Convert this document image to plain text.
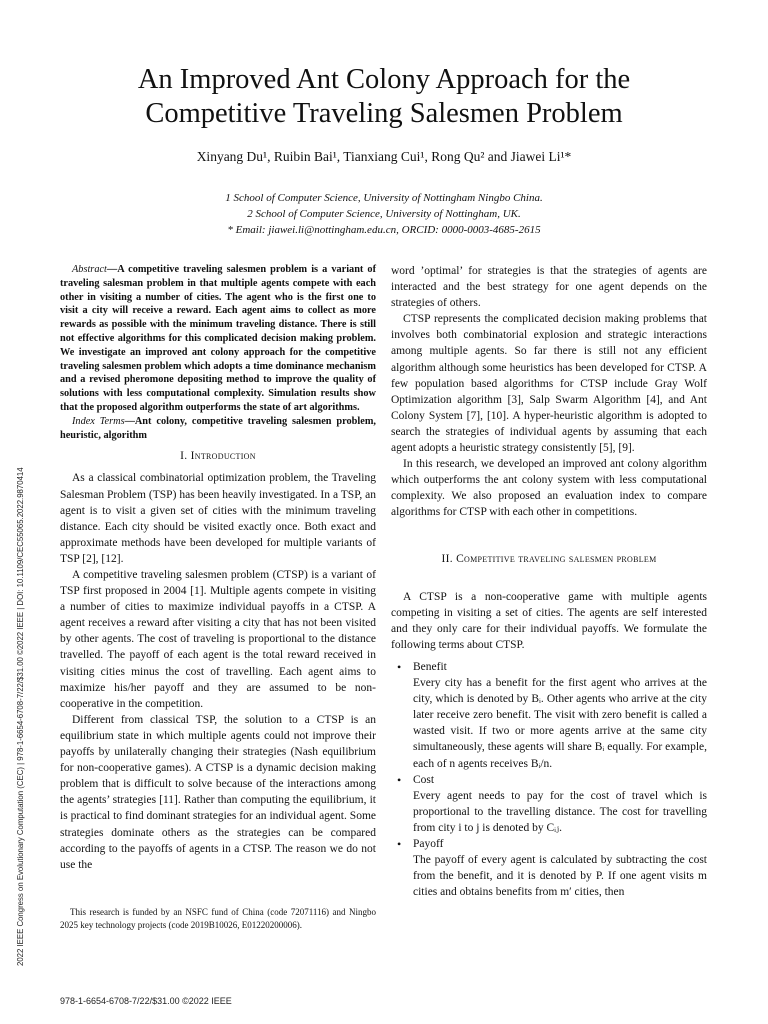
2022 IEEE Congress on Evolutionary Computation (CEC) | 978-1-6654-6708-7/22/$31.00 ©2022 IEEE | DOI: 10.1109/CEC55065.2022.9870414
An Improved Ant Colony Approach for the
Competitive Traveling Salesmen Problem
Xinyang Du¹, Ruibin Bai¹, Tianxiang Cui¹, Rong Qu² and Jiawei Li¹*
1 School of Computer Science, University of Nottingham Ningbo China.
2 School of Computer Science, University of Nottingham, UK.
* Email: jiawei.li@nottingham.edu.cn, ORCID: 0000-0003-4685-2615

Abstract—A competitive traveling salesmen problem is a variant of traveling salesman problem in that multiple agents compete with each other in visiting a number of cities. The agent who is the first one to visit a city will receive a reward. Each agent aims to collect as more rewards as possible with the minimum traveling distance. There is still not effective algorithms for this complicated decision making problem. We investigate an improved ant colony approach for the competitive traveling salesmen problem which adopts a time dominance mechanism and a revised pheromone depositing method to improve the quality of solutions with less computational complexity. Simulation results show that the proposed algorithm outperforms the state of art algorithms.

Index Terms—Ant colony, competitive traveling salesmen problem, heuristic, algorithm

I. Introduction

As a classical combinatorial optimization problem, the Traveling Salesman Problem (TSP) has been heavily investigated. In a TSP, an agent is to visit a given set of cities with the minimum traveling distance. Each city should be visited exactly once. Both exact and approximate methods have been developed for multiple variants of TSP [2], [12].

A competitive traveling salesmen problem (CTSP) is a variant of TSP first proposed in 2004 [1]. Multiple agents compete in visiting a number of cities to maximize individual payoffs in a CTSP. A agent receives a reward after visiting a city that has not been visited by other agents. The cost of traveling is proportional to the distance travelled. The payoff of each agent is the total reward received in visiting cities minus the cost of travelling. Each agent aims to maximize his/her payoff and they are assumed to be non-cooperative in the competition.

Different from classical TSP, the solution to a CTSP is an equilibrium state in which multiple agents could not improve their payoffs by unilaterally changing their strategies (Nash equilibrium for non-cooperative games). A CTSP is a dynamic decision making problem that is difficult to solve because of the interactions among the agents’ strategies [11]. Rather than computing the equilibrium, it is practical to find dominant strategies for an individual agent. Some strategies dominate others as the strategies can be compared according to the payoffs of agents in a CTSP. The reason we do not use the

This research is funded by an NSFC fund of China (code 72071116) and Ningbo 2025 key technology projects (code 2019B10026, E01220200006).

word ’optimal’ for strategies is that the strategies of agents are interacted and the best strategy for one agent depends on the strategies of others.

CTSP represents the complicated decision making problems that involves both combinatorial explosion and strategic interactions among multiple agents. So far there is still not any efficient algorithm although some heuristics has been developed for CTSP. A few population based algorithms for CTSP include Gray Wolf Optimization algorithm [3], Salp Swarm Algorithm [4], and Ant Colony System [7], [10]. A hyper-heuristic algorithm is adopted to search the strategies of individual agents by assuming that each agent adopts a heuristic strategy consistently [5], [9].

In this research, we developed an improved ant colony algorithm which outperforms the ant colony system with less computational complexity. We also proposed an evaluation index to compare algorithms for CTSP with each other in competitions.

II. Competitive traveling salesmen problem

A CTSP is a non-cooperative game with multiple agents competing in visiting a set of cities. The agents are self interested and they only care for their individual payoffs. We formulate the following terms about CTSP.

• Benefit
Every city has a benefit for the first agent who arrives at the city, which is denoted by Bᵢ. Other agents who arrive at the city later receive zero benefit. The visit with zero benefit is called a wasted visit. If two or more agents arrive at the same city simultaneously, these agents will share Bᵢ equally. For example, each of n agents receives Bᵢ/n.
• Cost
Every agent needs to pay for the cost of travel which is proportional to the travelling distance. The cost for travelling from city i to j is denoted by Cᵢⱼ.
• Payoff
The payoff of every agent is calculated by subtracting the cost from the benefit, and it is denoted by P. If one agent visits m cities and obtains benefits from m′ cities, then
978-1-6654-6708-7/22/$31.00 ©2022 IEEE
